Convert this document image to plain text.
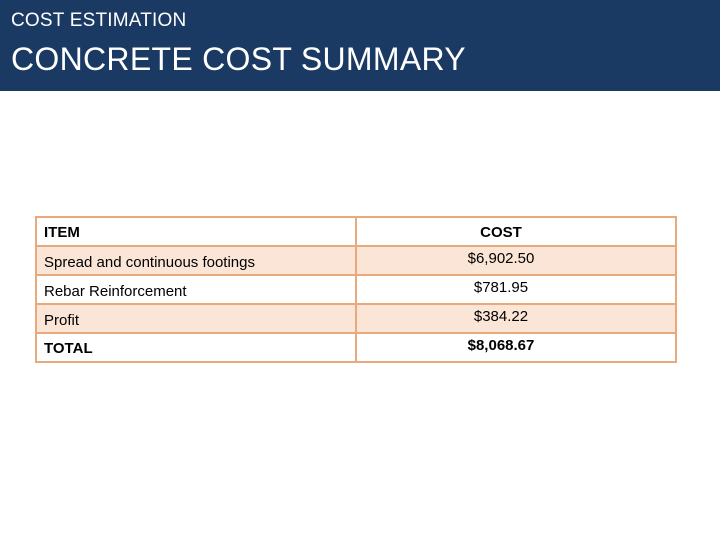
COST ESTIMATION
CONCRETE COST SUMMARY
ITEM	COST
Spread and continuous footings	$6,902.50
Rebar Reinforcement	$781.95
Profit	$384.22
TOTAL	$8,068.67
